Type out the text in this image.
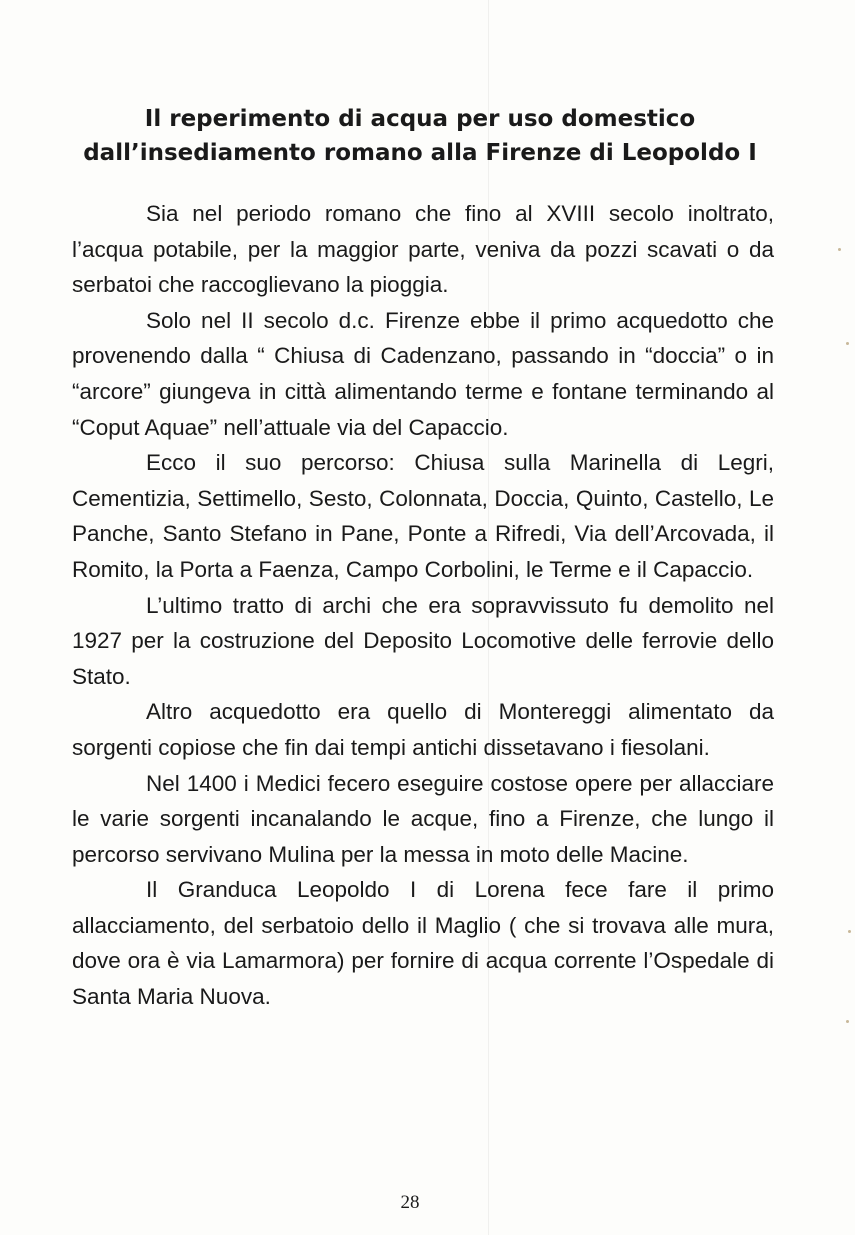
Il reperimento di acqua per uso domestico
dall’insediamento romano alla Firenze di Leopoldo I

Sia nel periodo romano che fino al XVIII secolo inoltrato, l’acqua potabile, per la maggior parte, veniva da pozzi scavati o da serbatoi che raccoglievano la pioggia.

Solo nel II secolo d.c. Firenze ebbe il primo acquedotto che provenendo dalla “ Chiusa di Cadenzano, passando in “doccia” o in “arcore” giungeva in città alimentando terme e fontane terminando al “Coput Aquae” nell’attuale via del Capaccio.

Ecco il suo percorso: Chiusa sulla Marinella di Legri, Cementizia, Settimello, Sesto, Colonnata, Doccia, Quinto, Castello, Le Panche, Santo Stefano in Pane, Ponte a Rifredi, Via dell’Arcovada, il Romito, la Porta a Faenza, Campo Corbolini, le Terme e il Capaccio.

L’ultimo tratto di archi che era sopravvissuto fu demolito nel 1927 per la costruzione del Deposito Locomotive delle ferrovie dello Stato.

Altro acquedotto era quello di Montereggi alimentato da sorgenti copiose che fin dai tempi antichi dissetavano i fiesolani.

Nel 1400 i Medici fecero eseguire costose opere per allacciare le varie sorgenti incanalando le acque, fino a Firenze, che lungo il percorso servivano Mulina per la messa in moto delle Macine.

Il Granduca Leopoldo I di Lorena fece fare il primo allacciamento, del serbatoio dello il Maglio ( che si trovava alle mura, dove ora è via Lamarmora) per fornire di acqua corrente l’Ospedale di Santa Maria Nuova.

28
